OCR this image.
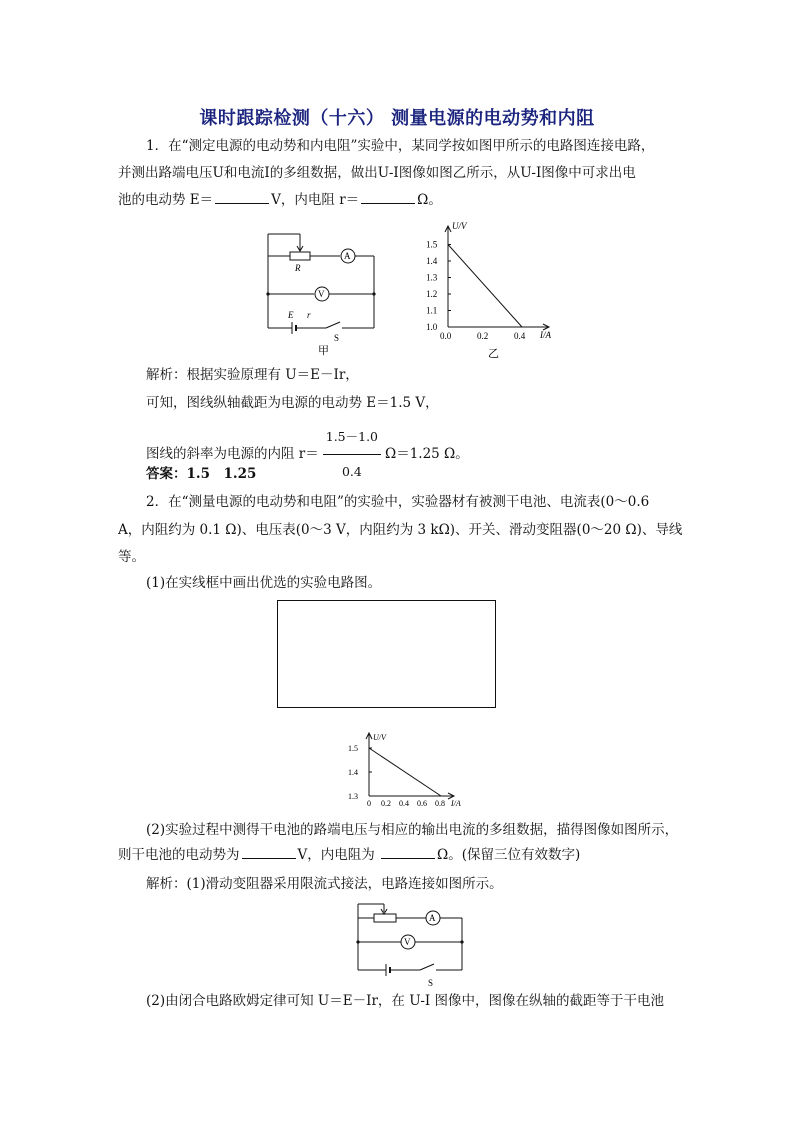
课时跟踪检测（十六） 测量电源的电动势和内阻
1．在“测定电源的电动势和内电阻”实验中，某同学按如图甲所示的电路图连接电路，
并测出路端电压U和电流I的多组数据，做出U-I图像如图乙所示，从U-I图像中可求出电
池的电动势 E＝	V，内电阻 r＝	Ω。
R
A
V
E r
S
甲
1.5
1.4
1.3
1.2
1.1
1.0
0.0	0.2	0.4
U/V
I/A
乙
解析：根据实验原理有 U＝E－Ir，
可知，图线纵轴截距为电源的电动势 E＝1.5 V，
图线的斜率为电源的内阻 $r= \frac{1.5-1.0}{0.4} \Omega=1.25$ Ω。
答案：1.5　1.25
2．在“测量电源的电动势和电阻”的实验中，实验器材有被测干电池、电流表(0～0.6
A，内阻约为 0.1 Ω)、电压表(0～3 V，内阻约为 3 kΩ)、开关、滑动变阻器(0～20 Ω)、导线
等。
(1)在实线框中画出优选的实验电路图。
1.5
1.4
1.3
0 0.2 0.4 0.6 0.8
U/V
I/A
(2)实验过程中测得干电池的路端电压与相应的输出电流的多组数据，描得图像如图所示，
则干电池的电动势为	V，内电阻为	Ω。(保留三位有效数字)
解析：(1)滑动变阻器采用限流式接法，电路连接如图所示。
A
V
S
(2)由闭合电路欧姆定律可知 U＝E－Ir，在 U-I 图像中，图像在纵轴的截距等于干电池
